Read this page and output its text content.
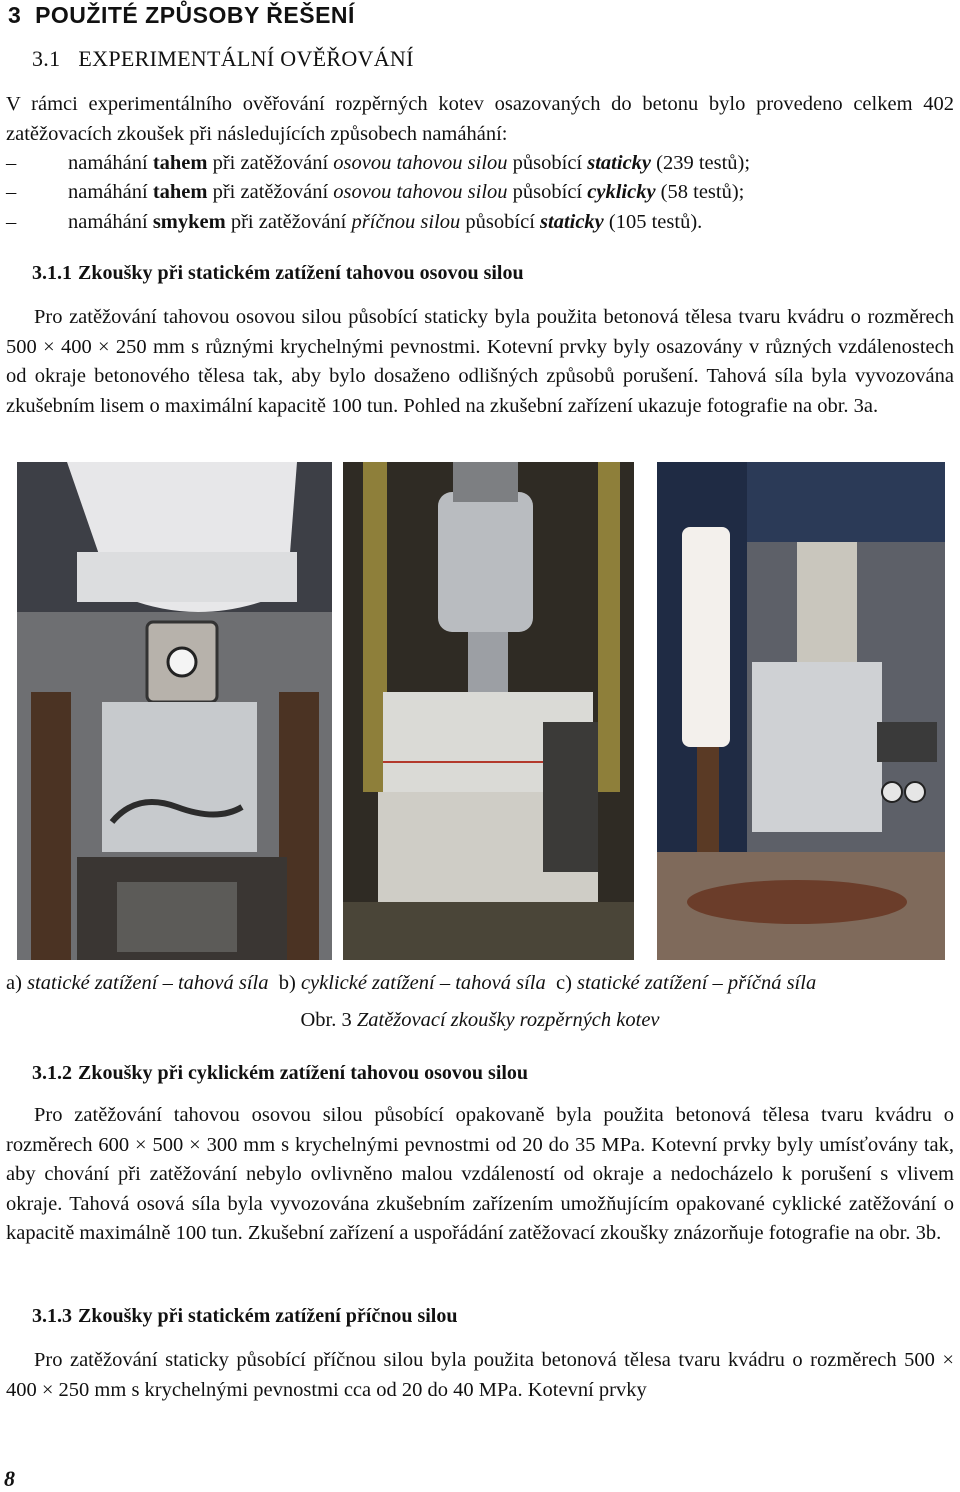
3 POUŽITÉ ZPŮSOBY ŘEŠENÍ
3.1 EXPERIMENTÁLNÍ OVĚŘOVÁNÍ
V rámci experimentálního ověřování rozpěrných kotev osazovaných do betonu bylo provedeno celkem 402 zatěžovacích zkoušek při následujících způsobech namáhání:
–	namáhání tahem při zatěžování osovou tahovou silou působící staticky (239 testů);
–	namáhání tahem při zatěžování osovou tahovou silou působící cyklicky (58 testů);
–	namáhání smykem při zatěžování příčnou silou působící staticky (105 testů).
3.1.1 Zkoušky při statickém zatížení tahovou osovou silou
Pro zatěžování tahovou osovou silou působící staticky byla použita betonová tělesa tvaru kvádru o rozměrech 500 × 400 × 250 mm s různými krychelnými pevnostmi. Kotevní prvky byly osazovány v různých vzdálenostech od okraje betonového tělesa tak, aby bylo dosaženo odlišných způsobů porušení. Tahová síla byla vyvozována zkušebním lisem o maximální kapacitě 100 tun. Pohled na zkušební zařízení ukazuje fotografie na obr. 3a.
a) statické zatížení – tahová síla b) cyklické zatížení – tahová síla c) statické zatížení – příčná síla
Obr. 3 Zatěžovací zkoušky rozpěrných kotev
3.1.2 Zkoušky při cyklickém zatížení tahovou osovou silou
Pro zatěžování tahovou osovou silou působící opakovaně byla použita betonová tělesa tvaru kvádru o rozměrech 600 × 500 × 300 mm s krychelnými pevnostmi od 20 do 35 MPa. Kotevní prvky byly umísťovány tak, aby chování při zatěžování nebylo ovlivněno malou vzdáleností od okraje a nedocházelo k porušení s vlivem okraje. Tahová osová síla byla vyvozována zkušebním zařízením umožňujícím opakované cyklické zatěžování o kapacitě maximálně 100 tun. Zkušební zařízení a uspořádání zatěžovací zkoušky znázorňuje fotografie na obr. 3b.
3.1.3 Zkoušky při statickém zatížení příčnou silou
Pro zatěžování staticky působící příčnou silou byla použita betonová tělesa tvaru kvádru o rozměrech 500 × 400 × 250 mm s krychelnými pevnostmi cca od 20 do 40 MPa. Kotevní prvky
8
